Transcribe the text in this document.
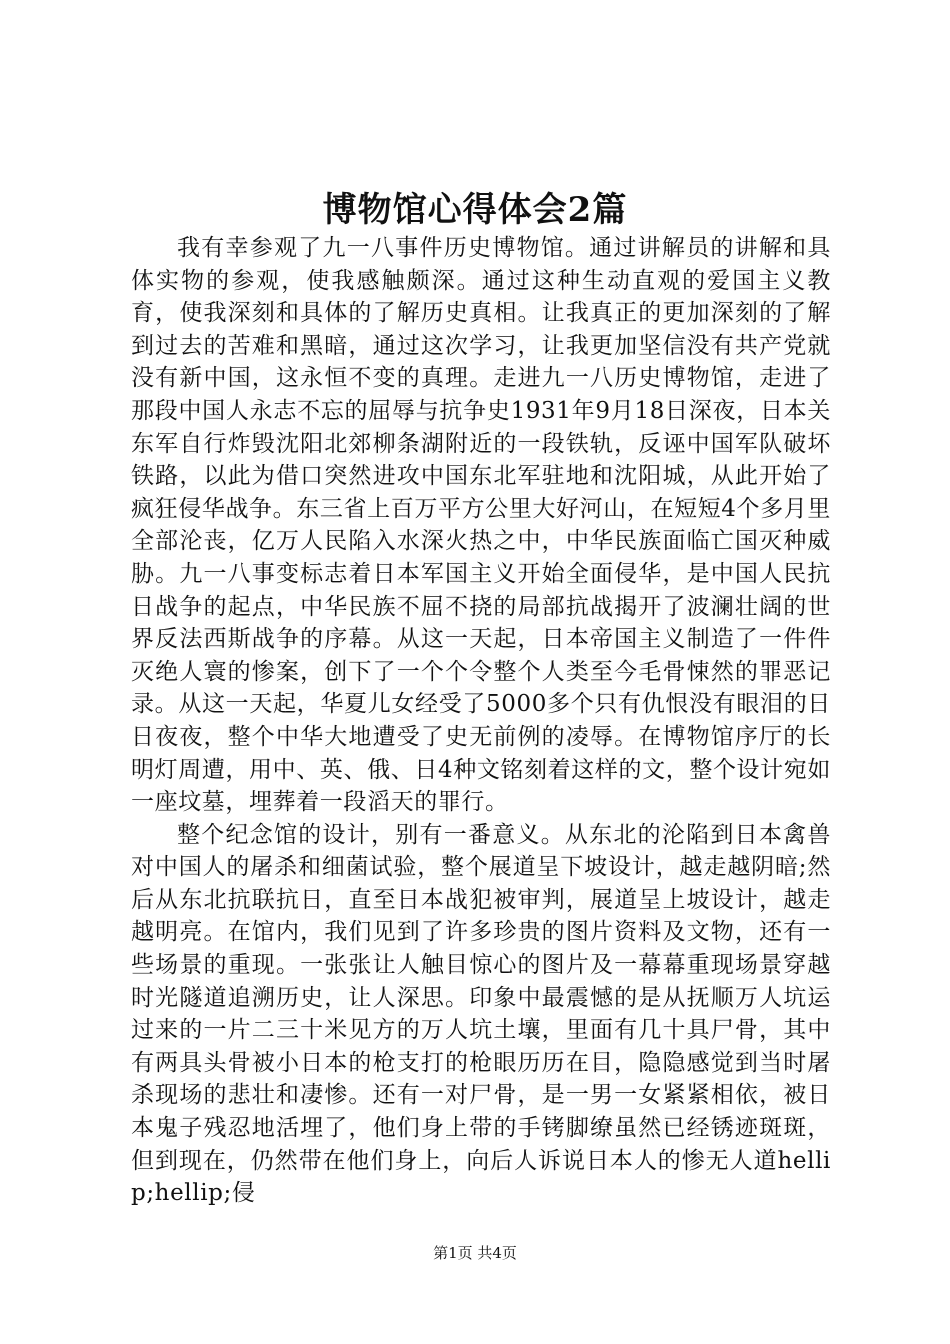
博物馆心得体会2篇

我有幸参观了九一八事件历史博物馆。通过讲解员的讲解和具体实物的参观，使我感触颇深。通过这种生动直观的爱国主义教育，使我深刻和具体的了解历史真相。让我真正的更加深刻的了解到过去的苦难和黑暗，通过这次学习，让我更加坚信没有共产党就没有新中国，这永恒不变的真理。走进九一八历史博物馆，走进了那段中国人永志不忘的屈辱与抗争史1931年9月18日深夜，日本关东军自行炸毁沈阳北郊柳条湖附近的一段铁轨，反诬中国军队破坏铁路，以此为借口突然进攻中国东北军驻地和沈阳城，从此开始了疯狂侵华战争。东三省上百万平方公里大好河山，在短短4个多月里全部沦丧，亿万人民陷入水深火热之中，中华民族面临亡国灭种威胁。九一八事变标志着日本军国主义开始全面侵华，是中国人民抗日战争的起点，中华民族不屈不挠的局部抗战揭开了波澜壮阔的世界反法西斯战争的序幕。从这一天起，日本帝国主义制造了一件件灭绝人寰的惨案，创下了一个个令整个人类至今毛骨悚然的罪恶记录。从这一天起，华夏儿女经受了5000多个只有仇恨没有眼泪的日日夜夜，整个中华大地遭受了史无前例的凌辱。在博物馆序厅的长明灯周遭，用中、英、俄、日4种文铭刻着这样的文，整个设计宛如一座坟墓，埋葬着一段滔天的罪行。

整个纪念馆的设计，别有一番意义。从东北的沦陷到日本禽兽对中国人的屠杀和细菌试验，整个展道呈下坡设计，越走越阴暗;然后从东北抗联抗日，直至日本战犯被审判，展道呈上坡设计，越走越明亮。在馆内，我们见到了许多珍贵的图片资料及文物，还有一些场景的重现。一张张让人触目惊心的图片及一幕幕重现场景穿越时光隧道追溯历史，让人深思。印象中最震憾的是从抚顺万人坑运过来的一片二三十米见方的万人坑土壤，里面有几十具尸骨，其中有两具头骨被小日本的枪支打的枪眼历历在目，隐隐感觉到当时屠杀现场的悲壮和凄惨。还有一对尸骨，是一男一女紧紧相依，被日本鬼子残忍地活埋了，他们身上带的手铐脚缭虽然已经锈迹斑斑，但到现在，仍然带在他们身上，向后人诉说日本人的惨无人道hellip;hellip;侵

第1页 共4页
